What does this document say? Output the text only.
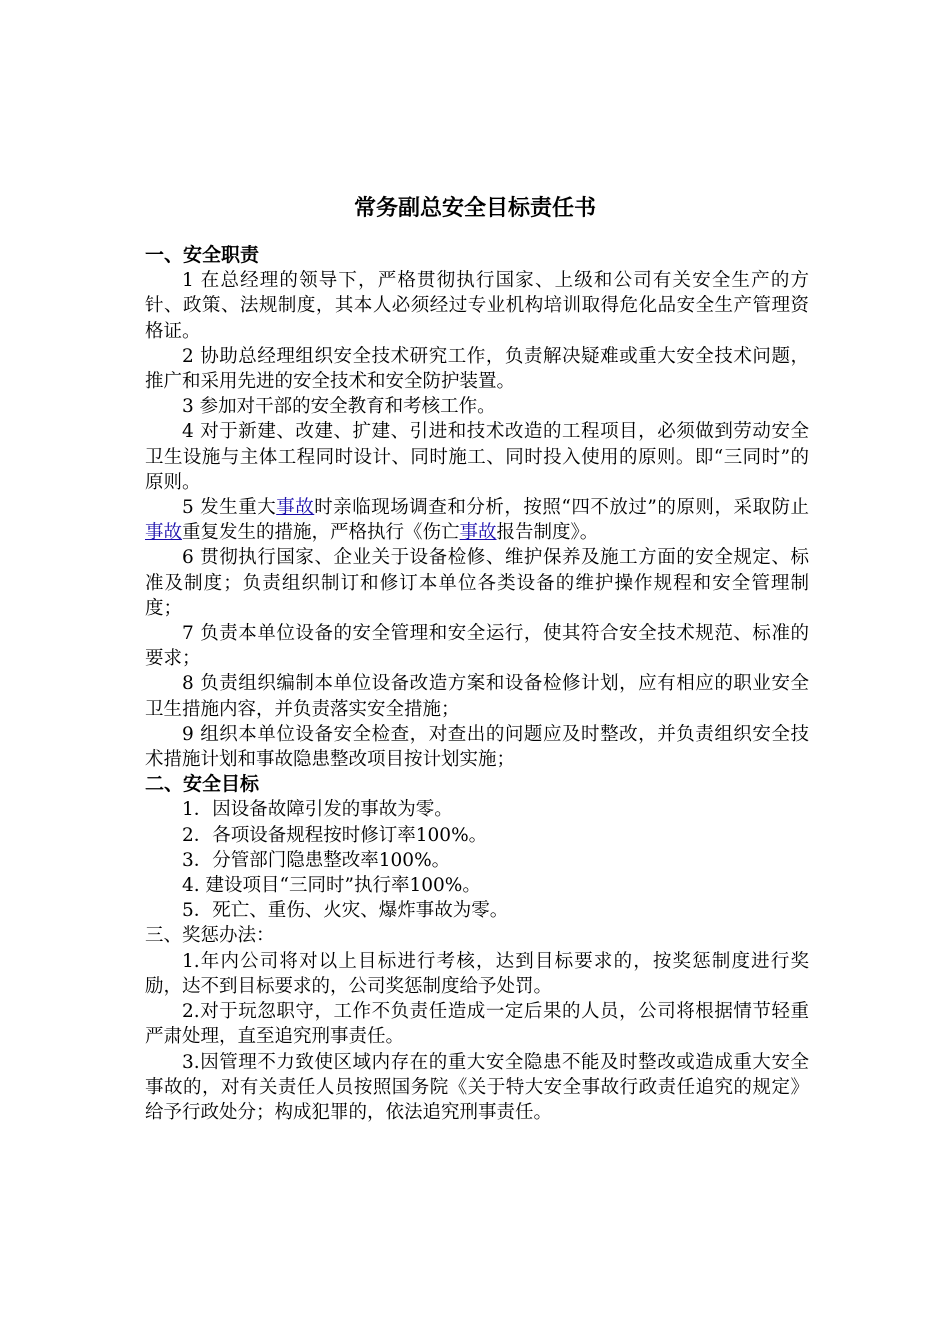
常务副总安全目标责任书
一、安全职责
1 在总经理的领导下，严格贯彻执行国家、上级和公司有关安全生产的方针、政策、法规制度，其本人必须经过专业机构培训取得危化品安全生产管理资格证。
2 协助总经理组织安全技术研究工作，负责解决疑难或重大安全技术问题，推广和采用先进的安全技术和安全防护装置。
3 参加对干部的安全教育和考核工作。
4 对于新建、改建、扩建、引进和技术改造的工程项目，必须做到劳动安全卫生设施与主体工程同时设计、同时施工、同时投入使用的原则。即“三同时”的原则。
5 发生重大事故时亲临现场调查和分析，按照“四不放过”的原则，采取防止事故重复发生的措施，严格执行《伤亡事故报告制度》。
6 贯彻执行国家、企业关于设备检修、维护保养及施工方面的安全规定、标准及制度；负责组织制订和修订本单位各类设备的维护操作规程和安全管理制度；
7 负责本单位设备的安全管理和安全运行，使其符合安全技术规范、标准的要求；
8 负责组织编制本单位设备改造方案和设备检修计划，应有相应的职业安全卫生措施内容，并负责落实安全措施；
9 组织本单位设备安全检查，对查出的问题应及时整改，并负责组织安全技术措施计划和事故隐患整改项目按计划实施；
二、安全目标
1．因设备故障引发的事故为零。
2．各项设备规程按时修订率100%。
3．分管部门隐患整改率100%。
4. 建设项目“三同时”执行率100%。
5．死亡、重伤、火灾、爆炸事故为零。
三、奖惩办法：
1.年内公司将对以上目标进行考核，达到目标要求的，按奖惩制度进行奖励，达不到目标要求的，公司奖惩制度给予处罚。
2.对于玩忽职守，工作不负责任造成一定后果的人员，公司将根据情节轻重严肃处理，直至追究刑事责任。
3.因管理不力致使区域内存在的重大安全隐患不能及时整改或造成重大安全事故的，对有关责任人员按照国务院《关于特大安全事故行政责任追究的规定》给予行政处分；构成犯罪的，依法追究刑事责任。
